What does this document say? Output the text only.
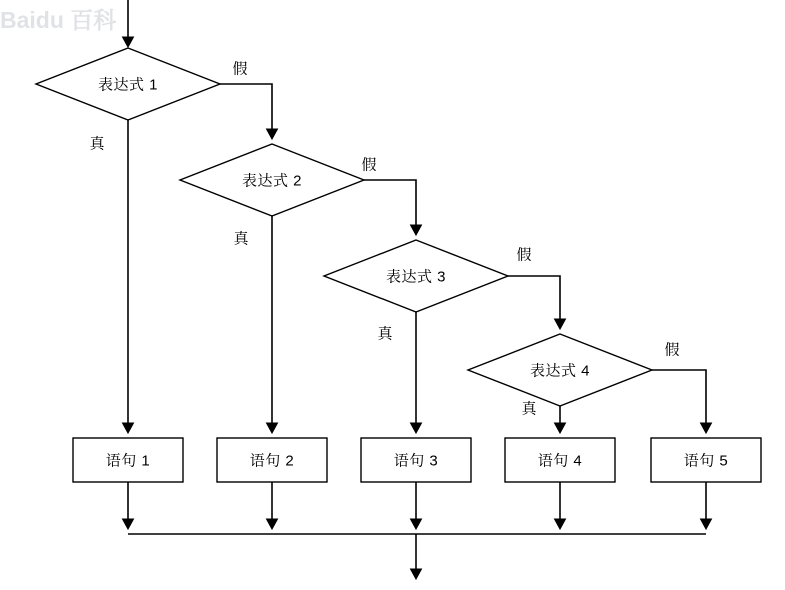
Baidu 百科
表达式 1
表达式 2
表达式 3
表达式 4
语句 1	语句 2	语句 3	语句 4	语句 5
假
真
假
真
假
真
假
真
